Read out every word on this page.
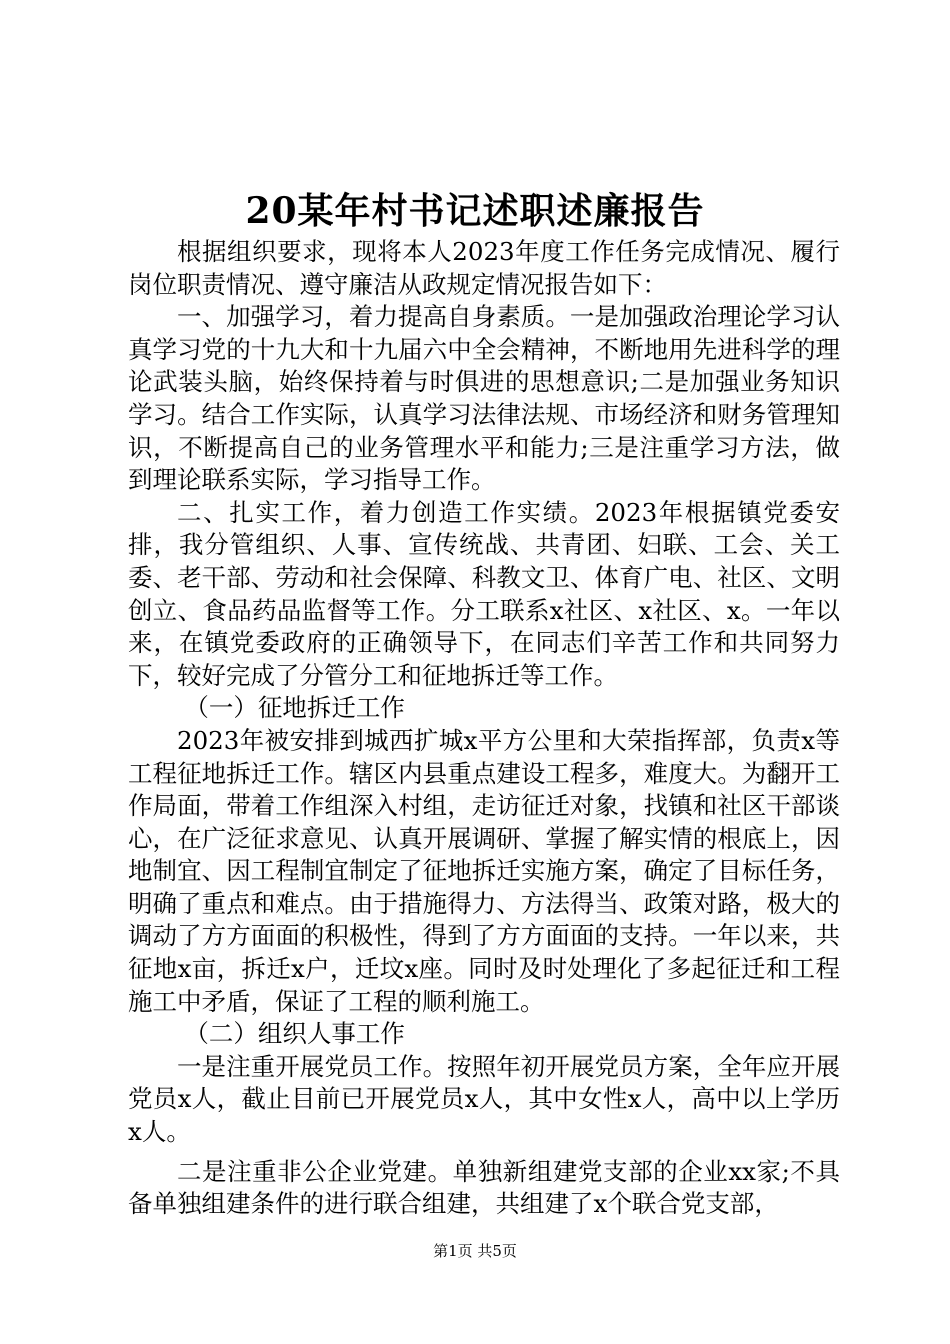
20某年村书记述职述廉报告

根据组织要求，现将本人2023年度工作任务完成情况、履行岗位职责情况、遵守廉洁从政规定情况报告如下：

一、加强学习，着力提高自身素质。一是加强政治理论学习认真学习党的十九大和十九届六中全会精神，不断地用先进科学的理论武装头脑，始终保持着与时俱进的思想意识;二是加强业务知识学习。结合工作实际，认真学习法律法规、市场经济和财务管理知识，不断提高自己的业务管理水平和能力;三是注重学习方法，做到理论联系实际，学习指导工作。

二、扎实工作，着力创造工作实绩。2023年根据镇党委安排，我分管组织、人事、宣传统战、共青团、妇联、工会、关工委、老干部、劳动和社会保障、科教文卫、体育广电、社区、文明创立、食品药品监督等工作。分工联系x社区、x社区、x。一年以来，在镇党委政府的正确领导下，在同志们辛苦工作和共同努力下，较好完成了分管分工和征地拆迁等工作。

（一）征地拆迁工作

2023年被安排到城西扩城x平方公里和大荣指挥部，负责x等工程征地拆迁工作。辖区内县重点建设工程多，难度大。为翻开工作局面，带着工作组深入村组，走访征迁对象，找镇和社区干部谈心，在广泛征求意见、认真开展调研、掌握了解实情的根底上，因地制宜、因工程制宜制定了征地拆迁实施方案，确定了目标任务，明确了重点和难点。由于措施得力、方法得当、政策对路，极大的调动了方方面面的积极性，得到了方方面面的支持。一年以来，共征地x亩，拆迁x户，迁坟x座。同时及时处理化了多起征迁和工程施工中矛盾，保证了工程的顺利施工。

（二）组织人事工作

一是注重开展党员工作。按照年初开展党员方案，全年应开展党员x人，截止目前已开展党员x人，其中女性x人，高中以上学历x人。

二是注重非公企业党建。单独新组建党支部的企业xx家;不具备单独组建条件的进行联合组建，共组建了x个联合党支部，

第1页 共5页
